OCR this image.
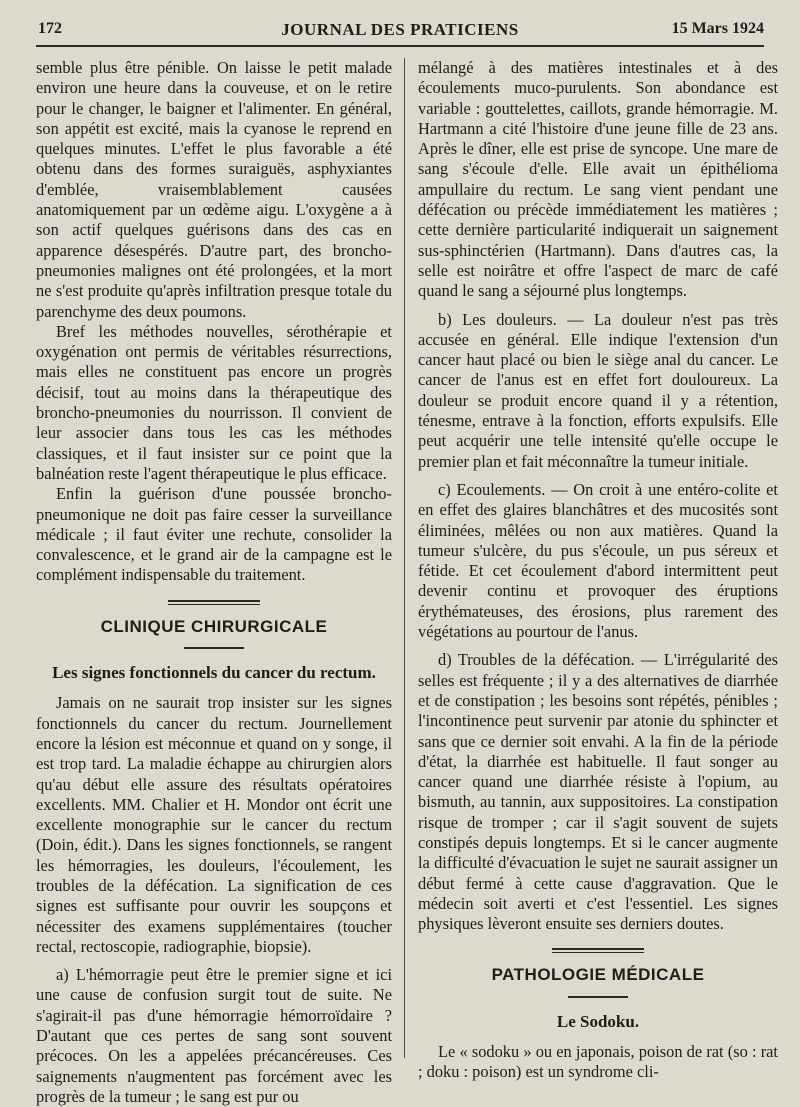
172	JOURNAL DES PRATICIENS	15 Mars 1924

semble plus être pénible. On laisse le petit malade environ une heure dans la couveuse, et on le retire pour le changer, le baigner et l'alimenter. En général, son appétit est excité, mais la cyanose le reprend en quelques minutes. L'effet le plus favorable a été obtenu dans des formes suraiguës, asphyxiantes d'emblée, vraisemblablement causées anatomiquement par un œdème aigu. L'oxygène a à son actif quelques guérisons dans des cas en apparence désespérés. D'autre part, des broncho-pneumonies malignes ont été prolongées, et la mort ne s'est produite qu'après infiltration presque totale du parenchyme des deux poumons.

Bref les méthodes nouvelles, sérothérapie et oxygénation ont permis de véritables résurrections, mais elles ne constituent pas encore un progrès décisif, tout au moins dans la thérapeutique des broncho-pneumonies du nourrisson. Il convient de leur associer dans tous les cas les méthodes classiques, et il faut insister sur ce point que la balnéation reste l'agent thérapeutique le plus efficace.

Enfin la guérison d'une poussée broncho-pneumonique ne doit pas faire cesser la surveillance médicale ; il faut éviter une rechute, consolider la convalescence, et le grand air de la campagne est le complément indispensable du traitement.

CLINIQUE CHIRURGICALE
Les signes fonctionnels du cancer du rectum.

Jamais on ne saurait trop insister sur les signes fonctionnels du cancer du rectum. Journellement encore la lésion est méconnue et quand on y songe, il est trop tard. La maladie échappe au chirurgien alors qu'au début elle assure des résultats opératoires excellents. MM. Chalier et H. Mondor ont écrit une excellente monographie sur le cancer du rectum (Doin, édit.). Dans les signes fonctionnels, se rangent les hémorragies, les douleurs, l'écoulement, les troubles de la défécation. La signification de ces signes est suffisante pour ouvrir les soupçons et nécessiter des examens supplémentaires (toucher rectal, rectoscopie, radiographie, biopsie).

a) L'hémorragie peut être le premier signe et ici une cause de confusion surgit tout de suite. Ne s'agirait-il pas d'une hémorragie hémorroïdaire ? D'autant que ces pertes de sang sont souvent précoces. On les a appelées précancéreuses. Ces saignements n'augmentent pas forcément avec les progrès de la tumeur ; le sang est pur ou

mélangé à des matières intestinales et à des écoulements muco-purulents. Son abondance est variable : gouttelettes, caillots, grande hémorragie. M. Hartmann a cité l'histoire d'une jeune fille de 23 ans. Après le dîner, elle est prise de syncope. Une mare de sang s'écoule d'elle. Elle avait un épithélioma ampullaire du rectum. Le sang vient pendant une défécation ou précède immédiatement les matières ; cette dernière particularité indiquerait un saignement sus-sphinctérien (Hartmann). Dans d'autres cas, la selle est noirâtre et offre l'aspect de marc de café quand le sang a séjourné plus longtemps.

b) Les douleurs. — La douleur n'est pas très accusée en général. Elle indique l'extension d'un cancer haut placé ou bien le siège anal du cancer. Le cancer de l'anus est en effet fort douloureux. La douleur se produit encore quand il y a rétention, ténesme, entrave à la fonction, efforts expulsifs. Elle peut acquérir une telle intensité qu'elle occupe le premier plan et fait méconnaître la tumeur initiale.

c) Ecoulements. — On croit à une entéro-colite et en effet des glaires blanchâtres et des mucosités sont éliminées, mêlées ou non aux matières. Quand la tumeur s'ulcère, du pus s'écoule, un pus séreux et fétide. Et cet écoulement d'abord intermittent peut devenir continu et provoquer des éruptions érythémateuses, des érosions, plus rarement des végétations au pourtour de l'anus.

d) Troubles de la défécation. — L'irrégularité des selles est fréquente ; il y a des alternatives de diarrhée et de constipation ; les besoins sont répétés, pénibles ; l'incontinence peut survenir par atonie du sphincter et sans que ce dernier soit envahi. A la fin de la période d'état, la diarrhée est habituelle. Il faut songer au cancer quand une diarrhée résiste à l'opium, au bismuth, au tannin, aux suppositoires. La constipation risque de tromper ; car il s'agit souvent de sujets constipés depuis longtemps. Et si le cancer augmente la difficulté d'évacuation le sujet ne saurait assigner un début fermé à cette cause d'aggravation. Que le médecin soit averti et c'est l'essentiel. Les signes physiques lèveront ensuite ses derniers doutes.

PATHOLOGIE MÉDICALE
Le Sodoku.

Le « sodoku » ou en japonais, poison de rat (so : rat ; doku : poison) est un syndrome cli-
